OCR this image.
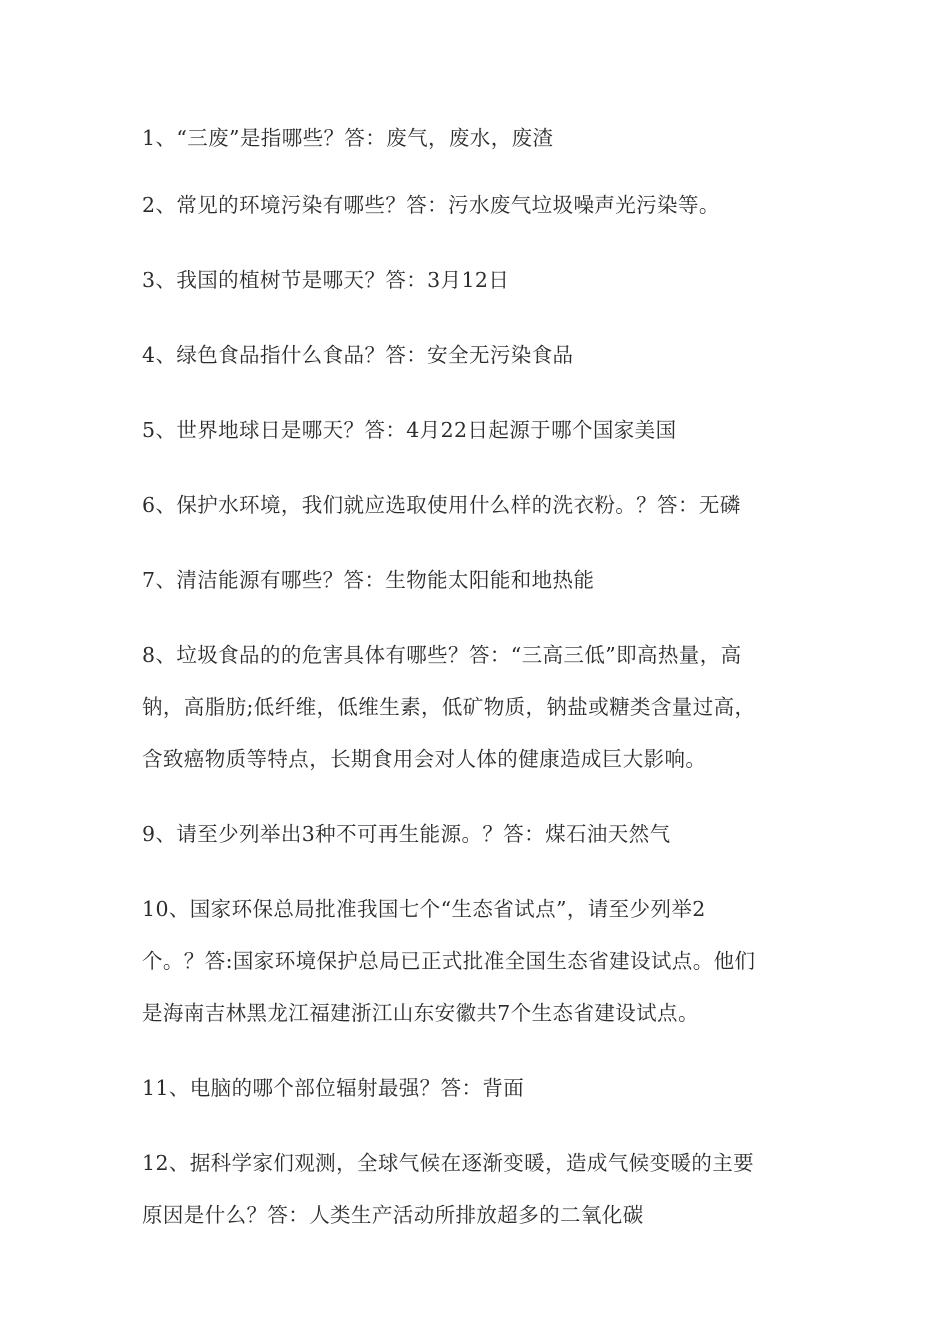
1、“三废”是指哪些？答：废气，废水，废渣

2、常见的环境污染有哪些？答：污水废气垃圾噪声光污染等。

3、我国的植树节是哪天？答：3月12日

4、绿色食品指什么食品？答：安全无污染食品

5、世界地球日是哪天？答：4月22日起源于哪个国家美国

6、保护水环境，我们就应选取使用什么样的洗衣粉。？答：无磷

7、清洁能源有哪些？答：生物能太阳能和地热能

8、垃圾食品的的危害具体有哪些？答：“三高三低”即高热量，高
钠，高脂肪;低纤维，低维生素，低矿物质，钠盐或糖类含量过高，
含致癌物质等特点，长期食用会对人体的健康造成巨大影响。

9、请至少列举出3种不可再生能源。？答：煤石油天然气

10、国家环保总局批准我国七个“生态省试点”，请至少列举2
个。？答:国家环境保护总局已正式批准全国生态省建设试点。他们
是海南吉林黑龙江福建浙江山东安徽共7个生态省建设试点。

11、电脑的哪个部位辐射最强？答：背面

12、据科学家们观测，全球气候在逐渐变暖，造成气候变暖的主要
原因是什么？答：人类生产活动所排放超多的二氧化碳
